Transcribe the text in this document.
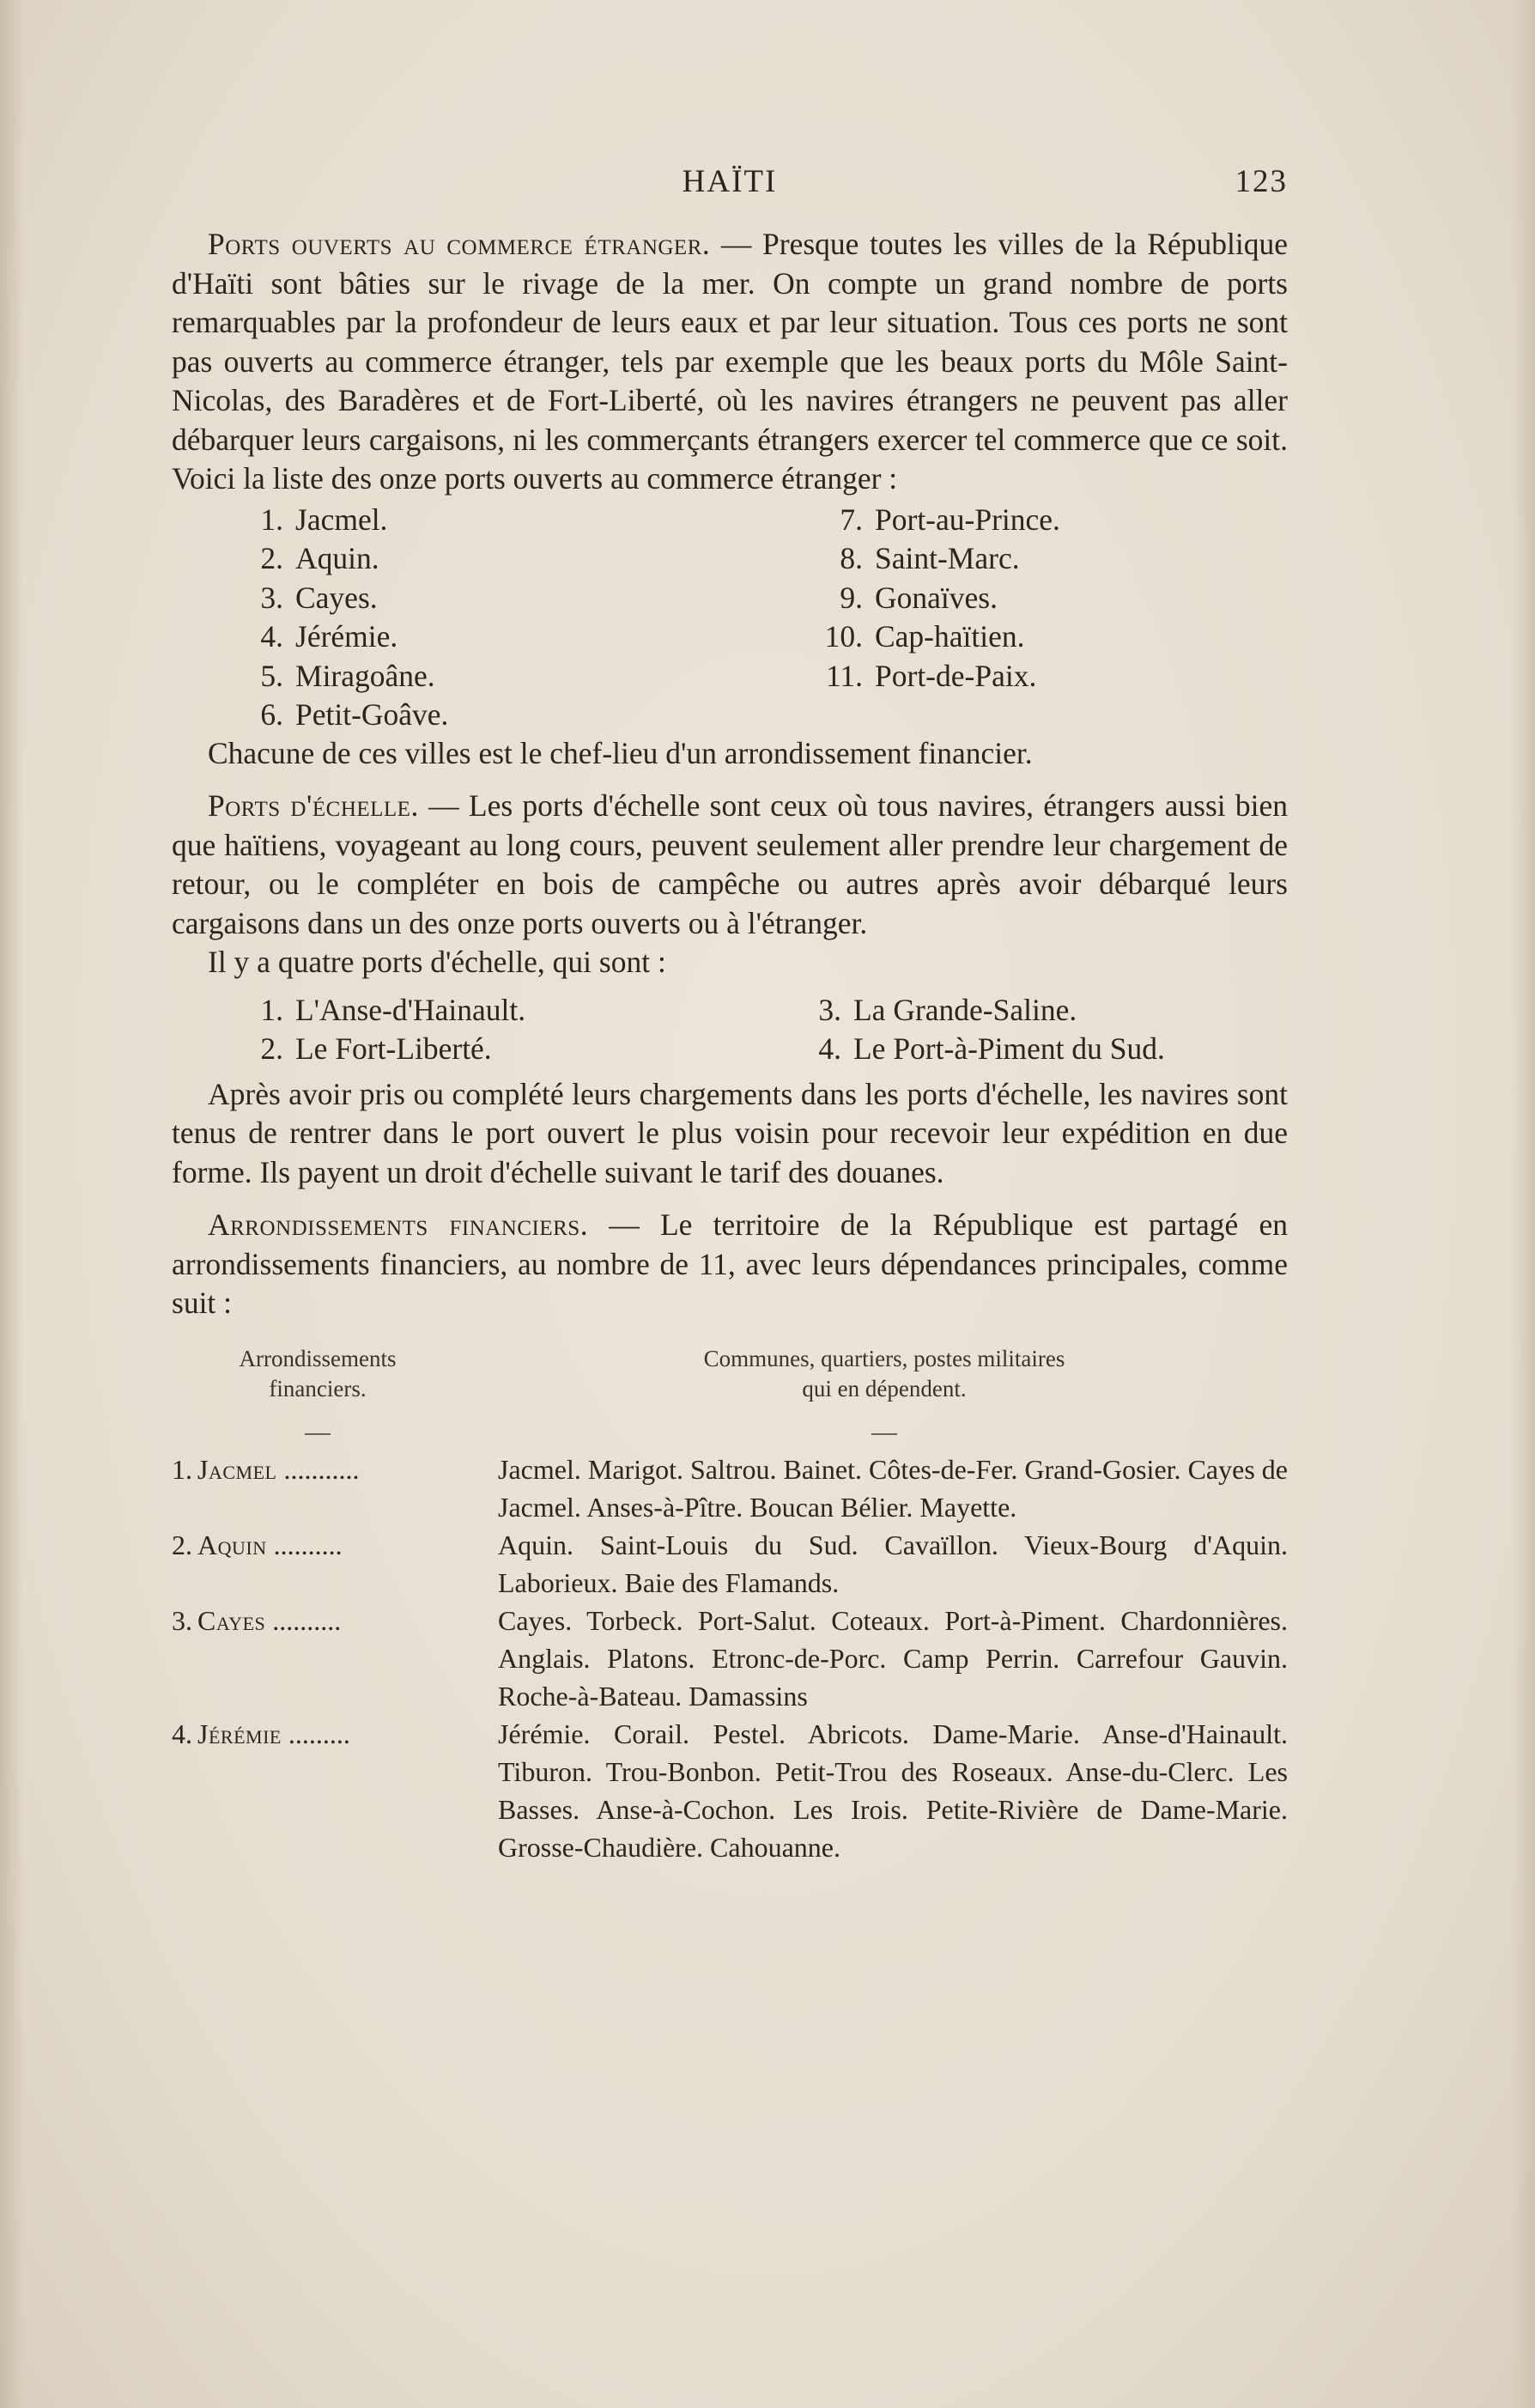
HAÏTI	123

Ports ouverts au commerce étranger. — Presque toutes les villes de la République d'Haïti sont bâties sur le rivage de la mer. On compte un grand nombre de ports remarquables par la profondeur de leurs eaux et par leur situation. Tous ces ports ne sont pas ouverts au commerce étranger, tels par exemple que les beaux ports du Môle Saint-Nicolas, des Baradères et de Fort-Liberté, où les navires étrangers ne peuvent pas aller débarquer leurs cargaisons, ni les commerçants étrangers exercer tel commerce que ce soit. Voici la liste des onze ports ouverts au commerce étranger :

1. Jacmel.
2. Aquin.
3. Cayes.
4. Jérémie.
5. Miragoâne.
6. Petit-Goâve.
7. Port-au-Prince.
8. Saint-Marc.
9. Gonaïves.
10. Cap-haïtien.
11. Port-de-Paix.

Chacune de ces villes est le chef-lieu d'un arrondissement financier.

Ports d'échelle. — Les ports d'échelle sont ceux où tous navires, étrangers aussi bien que haïtiens, voyageant au long cours, peuvent seulement aller prendre leur chargement de retour, ou le compléter en bois de campêche ou autres après avoir débarqué leurs cargaisons dans un des onze ports ouverts ou à l'étranger.

Il y a quatre ports d'échelle, qui sont :

1. L'Anse-d'Hainault.
2. Le Fort-Liberté.
3. La Grande-Saline.
4. Le Port-à-Piment du Sud.

Après avoir pris ou complété leurs chargements dans les ports d'échelle, les navires sont tenus de rentrer dans le port ouvert le plus voisin pour recevoir leur expédition en due forme. Ils payent un droit d'échelle suivant le tarif des douanes.

Arrondissements financiers. — Le territoire de la République est partagé en arrondissements financiers, au nombre de 11, avec leurs dépendances principales, comme suit :

Arrondissements
financiers.
Communes, quartiers, postes militaires
qui en dépendent.
1. Jacmel ...........	Jacmel. Marigot. Saltrou. Bainet. Côtes-de-Fer. Grand-Gosier. Cayes de Jacmel. Anses-à-Pître. Boucan Bélier. Mayette.
2. Aquin ..........	Aquin. Saint-Louis du Sud. Cavaïllon. Vieux-Bourg d'Aquin. Laborieux. Baie des Flamands.
3. Cayes ..........	Cayes. Torbeck. Port-Salut. Coteaux. Port-à-Piment. Chardonnières. Anglais. Platons. Etronc-de-Porc. Camp Perrin. Carrefour Gauvin. Roche-à-Bateau. Damassins
4. Jérémie .........	Jérémie. Corail. Pestel. Abricots. Dame-Marie. Anse-d'Hainault. Tiburon. Trou-Bonbon. Petit-Trou des Roseaux. Anse-du-Clerc. Les Basses. Anse-à-Cochon. Les Irois. Petite-Rivière de Dame-Marie. Grosse-Chaudière. Cahouanne.
